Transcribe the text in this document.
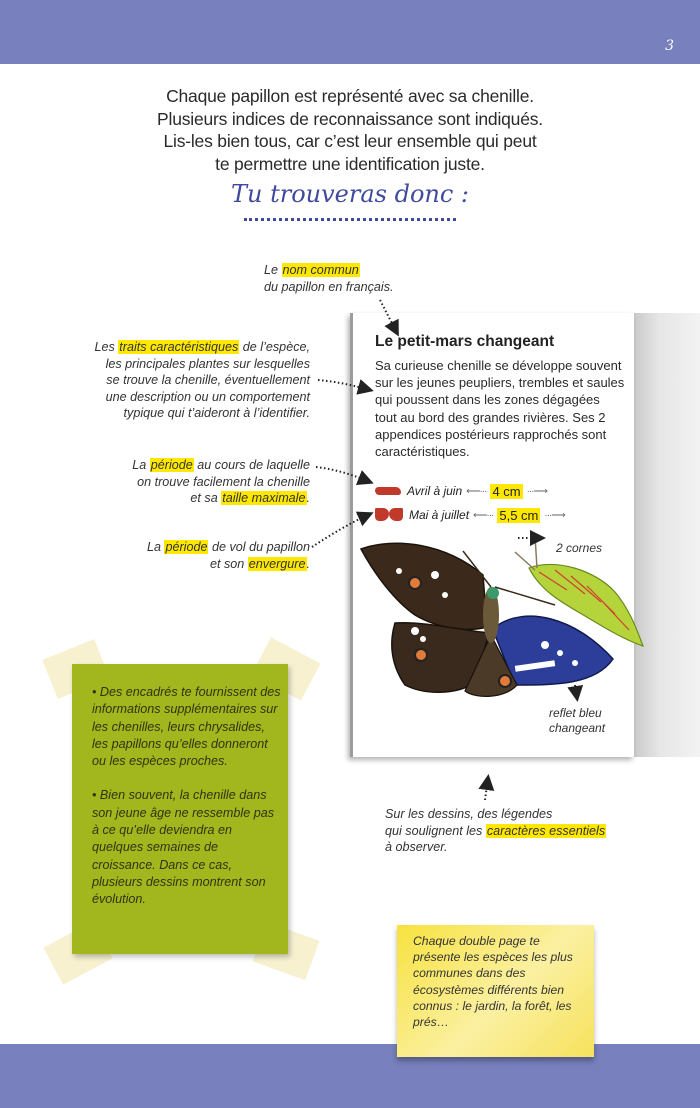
3
Chaque papillon est représenté avec sa chenille.
Plusieurs indices de reconnaissance sont indiqués.
Lis-les bien tous, car c’est leur ensemble qui peut
te permettre une identification juste.
Tu trouveras donc :
Le nom commun
du papillon en français.
Les traits caractéristiques de l’espèce,
les principales plantes sur lesquelles
se trouve la chenille, éventuellement
une description ou un comportement
typique qui t’aideront à l’identifier.
La période au cours de laquelle
on trouve facilement la chenille
et sa taille maximale.
La période de vol du papillon
et son envergure.
Le petit-mars changeant
Sa curieuse chenille se développe souvent sur les jeunes peupliers, trembles et saules qui poussent dans les zones dégagées tout au bord des grandes rivières. Ses 2 appendices postérieurs rapprochés sont caractéristiques.
Avril à juin ⟵··· 4 cm ···⟶
Mai à juillet ⟵··· 5,5 cm ···⟶
2 cornes
reflet bleu
changeant
Sur les dessins, des légendes
qui soulignent les caractères essentiels
à observer.
• Des encadrés te fournissent des informations supplémentaires sur les chenilles, leurs chrysalides, les papillons qu’elles donneront ou les espèces proches.
• Bien souvent, la chenille dans son jeune âge ne ressemble pas à ce qu’elle deviendra en quelques semaines de croissance. Dans ce cas, plusieurs dessins montrent son évolution.
Chaque double page te présente les espèces les plus communes dans des écosystèmes différents bien connus : le jardin, la forêt, les prés…
